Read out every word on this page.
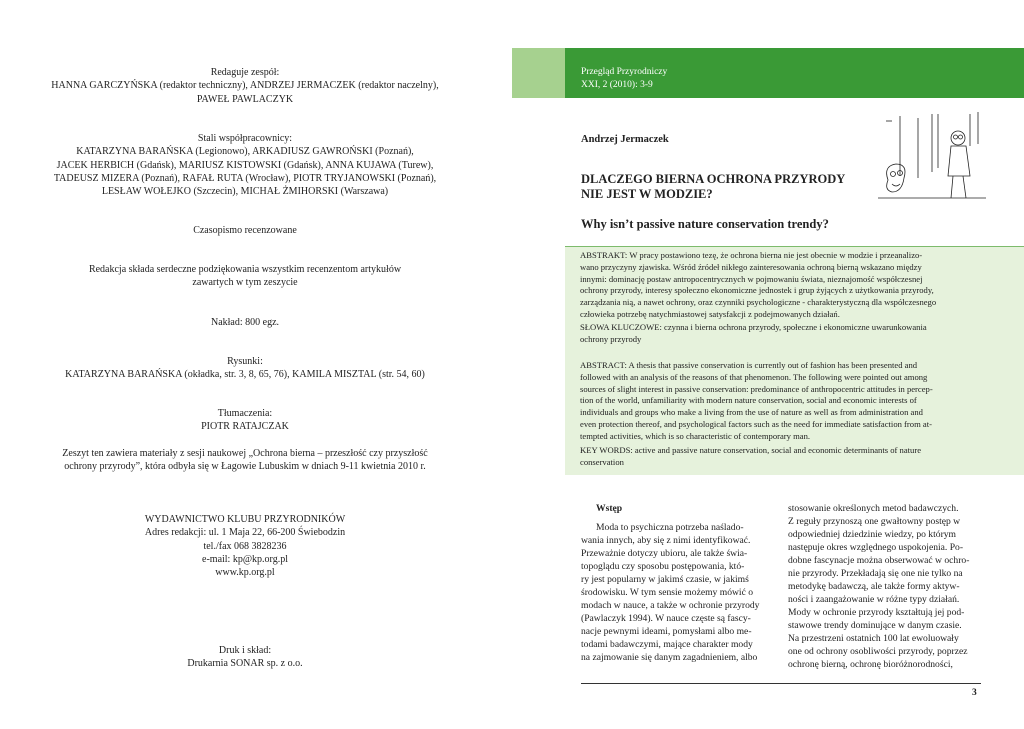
Redaguje zespół:
HANNA GARCZYŃSKA (redaktor techniczny), ANDRZEJ JERMACZEK (redaktor naczelny),
PAWEŁ PAWLACZYK
Stali współpracownicy:
KATARZYNA BARAŃSKA (Legionowo), ARKADIUSZ GAWROŃSKI (Poznań),
JACEK HERBICH (Gdańsk), MARIUSZ KISTOWSKI (Gdańsk), ANNA KUJAWA (Turew),
TADEUSZ MIZERA (Poznań), RAFAŁ RUTA (Wrocław), PIOTR TRYJANOWSKI (Poznań),
LESŁAW WOŁEJKO (Szczecin), MICHAŁ ŻMIHORSKI (Warszawa)
Czasopismo recenzowane
Redakcja składa serdeczne podziękowania wszystkim recenzentom artykułów
zawartych w tym zeszycie
Nakład: 800 egz.
Rysunki:
KATARZYNA BARAŃSKA (okładka, str. 3, 8, 65, 76), KAMILA MISZTAL (str. 54, 60)
Tłumaczenia:
PIOTR RATAJCZAK
Zeszyt ten zawiera materiały z sesji naukowej „Ochrona bierna – przeszłość czy przyszłość
ochrony przyrody”, która odbyła się w Łagowie Lubuskim w dniach 9-11 kwietnia 2010 r.
WYDAWNICTWO KLUBU PRZYRODNIKÓW
Adres redakcji: ul. 1 Maja 22, 66-200 Świebodzin
tel./fax 068 3828236
e-mail: kp@kp.org.pl
www.kp.org.pl
Druk i skład:
Drukarnia SONAR sp. z o.o.
Przegląd Przyrodniczy
XXI, 2 (2010): 3-9
Andrzej Jermaczek
DLACZEGO BIERNA OCHRONA PRZYRODY
NIE JEST W MODZIE?
Why isn’t passive nature conservation trendy?
ABSTRAKT: W pracy postawiono tezę, że ochrona bierna nie jest obecnie w modzie i przeanalizo-
wano przyczyny zjawiska. Wśród źródeł nikłego zainteresowania ochroną bierną wskazano między
innymi: dominację postaw antropocentrycznych w pojmowaniu świata, nieznajomość współczesnej
ochrony przyrody, interesy społeczno ekonomiczne jednostek i grup żyjących z użytkowania przyrody,
zarządzania nią, a nawet ochrony, oraz czynniki psychologiczne - charakterystyczną dla współczesnego
człowieka potrzebę natychmiastowej satysfakcji z podejmowanych działań.
SŁOWA KLUCZOWE: czynna i bierna ochrona przyrody, społeczne i ekonomiczne uwarunkowania
ochrony przyrody
ABSTRACT: A thesis that passive conservation is currently out of fashion has been presented and
followed with an analysis of the reasons of that phenomenon. The following were pointed out among
sources of slight interest in passive conservation: predominance of anthropocentric attitudes in percep-
tion of the world, unfamiliarity with modern nature conservation, social and economic interests of
individuals and groups who make a living from the use of nature as well as from administration and
even protection thereof, and psychological factors such as the need for immediate satisfaction from at-
tempted activities, which is so characteristic of contemporary man.
KEY WORDS: active and passive nature conservation, social and economic determinants of nature
conservation
Wstęp
Moda to psychiczna potrzeba naślado-
wania innych, aby się z nimi identyfikować.
Przeważnie dotyczy ubioru, ale także świa-
topoglądu czy sposobu postępowania, któ-
ry jest popularny w jakimś czasie, w jakimś
środowisku. W tym sensie możemy mówić o
modach w nauce, a także w ochronie przyrody
(Pawlaczyk 1994). W nauce częste są fascy-
nacje pewnymi ideami, pomysłami albo me-
todami badawczymi, mające charakter mody
na zajmowanie się danym zagadnieniem, albo
stosowanie określonych metod badawczych.
Z reguły przynoszą one gwałtowny postęp w
odpowiedniej dziedzinie wiedzy, po którym
następuje okres względnego uspokojenia. Po-
dobne fascynacje można obserwować w ochro-
nie przyrody. Przekładają się one nie tylko na
metodykę badawczą, ale także formy aktyw-
ności i zaangażowanie w różne typy działań.
Mody w ochronie przyrody kształtują jej pod-
stawowe trendy dominujące w danym czasie.
Na przestrzeni ostatnich 100 lat ewoluowały
one od ochrony osobliwości przyrody, poprzez
ochronę bierną, ochronę bioróżnorodności,
3
